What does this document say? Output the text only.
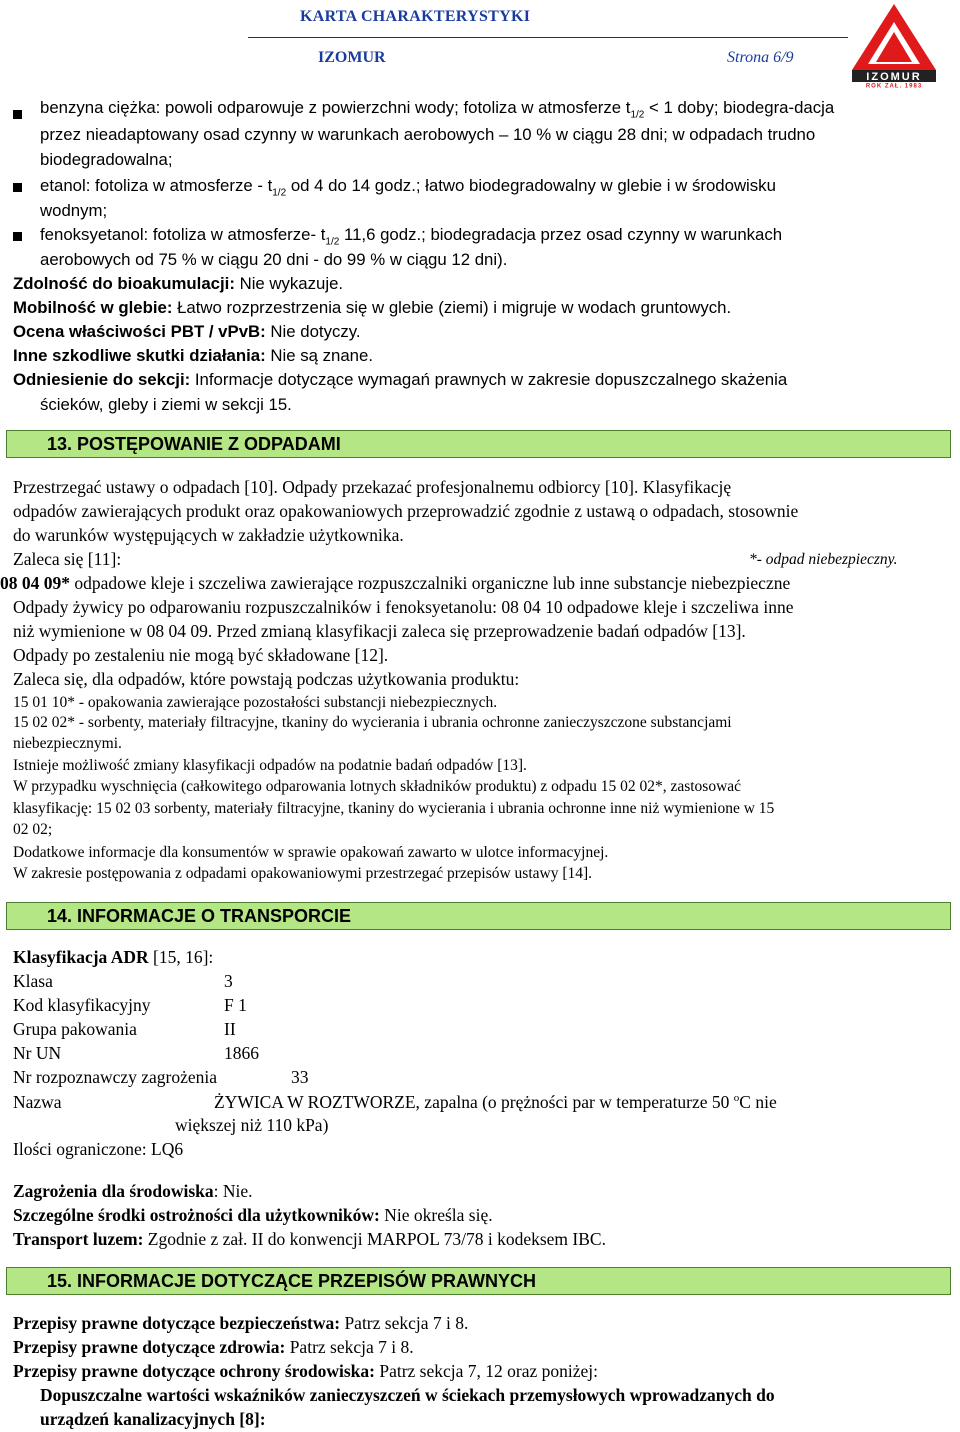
KARTA CHARAKTERYSTYKI
IZOMUR	Strona 6/9
IZOMUR
ROK ZAŁ. 1983
benzyna ciężka: powoli odparowuje z powierzchni wody; fotoliza w atmosferze $t_{1/2} < 1$ doby; biodegra-dacja
przez nieadaptowany osad czynny w warunkach aerobowych – 10 % w ciągu 28 dni; w odpadach trudno
biodegradowalna;
etanol: fotoliza w atmosferze - $t_{1/2}$ od 4 do 14 godz.; łatwo biodegradowalny w glebie i w środowisku
wodnym;
fenoksyetanol: fotoliza w atmosferze- $t_{1/2}$ 11,6 godz.; biodegradacja przez osad czynny w warunkach
aerobowych od 75 % w ciągu 20 dni - do 99 % w ciągu 12 dni).
Zdolność do bioakumulacji: Nie wykazuje.
Mobilność w glebie: Łatwo rozprzestrzenia się w glebie (ziemi) i migruje w wodach gruntowych.
Ocena właściwości PBT / vPvB: Nie dotyczy.
Inne szkodliwe skutki działania: Nie są znane.
Odniesienie do sekcji: Informacje dotyczące wymagań prawnych w zakresie dopuszczalnego skażenia
ścieków, gleby i ziemi w sekcji 15.
13. POSTĘPOWANIE Z ODPADAMI
Przestrzegać ustawy o odpadach [10]. Odpady przekazać profesjonalnemu odbiorcy [10]. Klasyfikację
odpadów zawierających produkt oraz opakowaniowych przeprowadzić zgodnie z ustawą o odpadach, stosownie
do warunków występujących w zakładzie użytkownika.
Zaleca się [11]:	*- odpad niebezpieczny.
08 04 09* odpadowe kleje i szczeliwa zawierające rozpuszczalniki organiczne lub inne substancje niebezpieczne
Odpady żywicy po odparowaniu rozpuszczalników i fenoksyetanolu: 08 04 10 odpadowe kleje i szczeliwa inne
niż wymienione w 08 04 09. Przed zmianą klasyfikacji zaleca się przeprowadzenie badań odpadów [13].
Odpady po zestaleniu nie mogą być składowane [12].
Zaleca się, dla odpadów, które powstają podczas użytkowania produktu:
15 01 10* - opakowania zawierające pozostałości substancji niebezpiecznych.
15 02 02* - sorbenty, materiały filtracyjne, tkaniny do wycierania i ubrania ochronne zanieczyszczone substancjami
niebezpiecznymi.
Istnieje możliwość zmiany klasyfikacji odpadów na podatnie badań odpadów [13].
W przypadku wyschnięcia (całkowitego odparowania lotnych składników produktu) z odpadu 15 02 02*, zastosować
klasyfikację: 15 02 03 sorbenty, materiały filtracyjne, tkaniny do wycierania i ubrania ochronne inne niż wymienione w 15
02 02;
Dodatkowe informacje dla konsumentów w sprawie opakowań zawarto w ulotce informacyjnej.
W zakresie postępowania z odpadami opakowaniowymi przestrzegać przepisów ustawy [14].
14. INFORMACJE O TRANSPORCIE
Klasyfikacja ADR [15, 16]:
Klasa	3
Kod klasyfikacyjny	F 1
Grupa pakowania	II
Nr UN	1866
Nr rozpoznawczy zagrożenia	33
Nazwa	ŻYWICA W ROZTWORZE, zapalna (o prężności par w temperaturze 50 $^o$C nie
większej niż 110 kPa)
Ilości ograniczone: LQ6
Zagrożenia dla środowiska: Nie.
Szczególne środki ostrożności dla użytkowników: Nie określa się.
Transport luzem: Zgodnie z zał. II do konwencji MARPOL 73/78 i kodeksem IBC.
15. INFORMACJE DOTYCZĄCE PRZEPISÓW PRAWNYCH
Przepisy prawne dotyczące bezpieczeństwa: Patrz sekcja 7 i 8.
Przepisy prawne dotyczące zdrowia: Patrz sekcja 7 i 8.
Przepisy prawne dotyczące ochrony środowiska: Patrz sekcja 7, 12 oraz poniżej:
Dopuszczalne wartości wskaźników zanieczyszczeń w ściekach przemysłowych wprowadzanych do
urządzeń kanalizacyjnych [8]:
